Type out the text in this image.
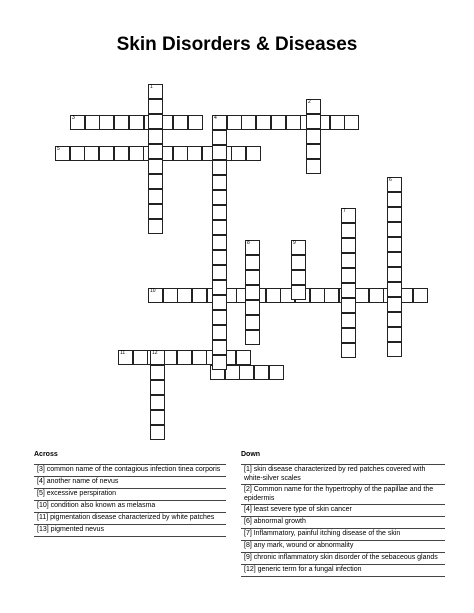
Skin Disorders & Diseases
3	4
5
10
11
1
2
6
7
8	9
12
Across	Down
[3] common name of the contagious infection tinea corporis
[4] another name of nevus
[5] excessive perspiration
[10] condition also known as melasma
[11] pigmentation disease characterized by white patches
[13] pigmented nevus
[1] skin disease characterized by red patches covered with white-silver scales
[2] Common name for the hypertrophy of the papillae and the epidermis
[4] least severe type of skin cancer
[6] abnormal growth
[7] Inflammatory, painful itching disease of the skin
[8] any mark, wound or abnormality
[9] chronic inflammatory skin disorder of the sebaceous glands
[12] generic term for a fungal infection
